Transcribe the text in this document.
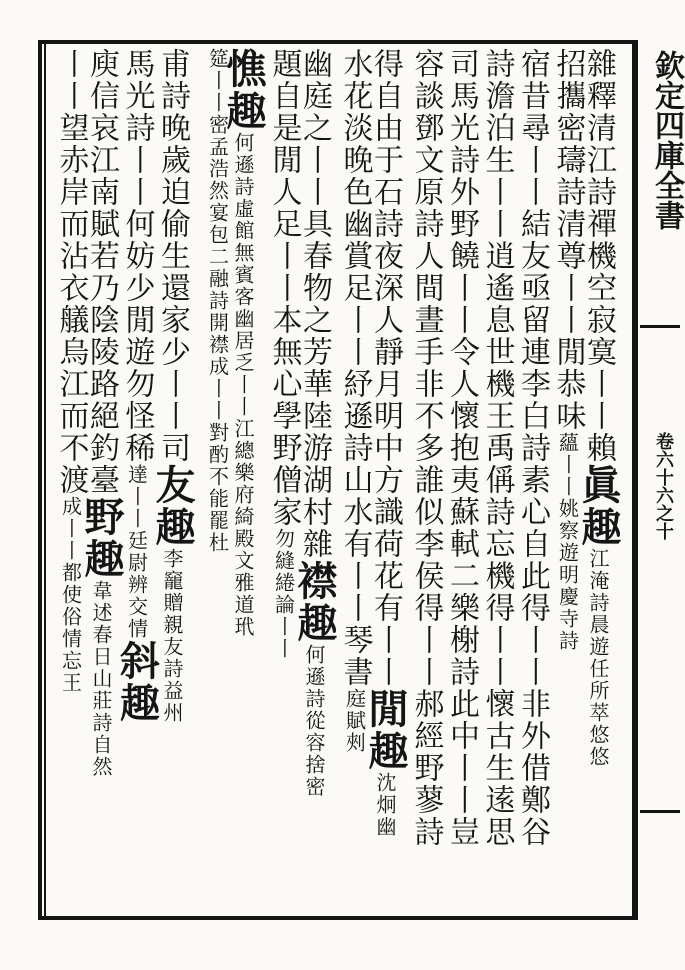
欽定四庫全書
卷六十六之十
雜釋清江詩禪機空寂寞丨丨賴眞趣江淹詩晨遊任所萃悠悠
招攜密璹詩清尊丨丨閒恭味蘊丨丨姚察遊明慶寺詩
宿昔尋丨丨結友亟留連李白詩素心自此得丨丨非外借鄭谷
詩澹泊生丨丨逍遙息世機王禹偁詩忘機得丨丨懷古生逺思
司馬光詩外野饒丨丨令人懷抱夷蘇軾二樂榭詩此中丨丨豈
容談鄧文原詩人間晝手非不多誰似李侯得丨丨郝經野蓼詩
得自由于石詩夜深人靜月明中方識荷花有丨丨閒趣沈炯幽
水花淡晚色幽賞足丨丨紓遜詩山水有丨丨琴書庭賦㓨
幽庭之丨丨具春物之芳華陸游湖村雜襟趣何遜詩從容捨密
題自是閒人足丨丨本無心學野僧家勿縫綣論丨丨
憔趣何遜詩虛館無賓客幽居乏丨丨江總樂府綺殿文雅道玳
筵丨丨密孟浩然宴包二融詩開襟成丨丨對酌不能罷杜
甫詩晚歲迫偷生還家少丨丨司友趣李竉贈親友詩益州
馬光詩丨丨何妨少閒遊勿怪稀達丨丨廷尉辨交情斜趣
庾信哀江南賦若乃陰陵路絕釣臺野趣韋述春日山莊詩自然
丨丨望赤岸而沾衣艤烏江而不渡成丨丨都使俗情忘王
